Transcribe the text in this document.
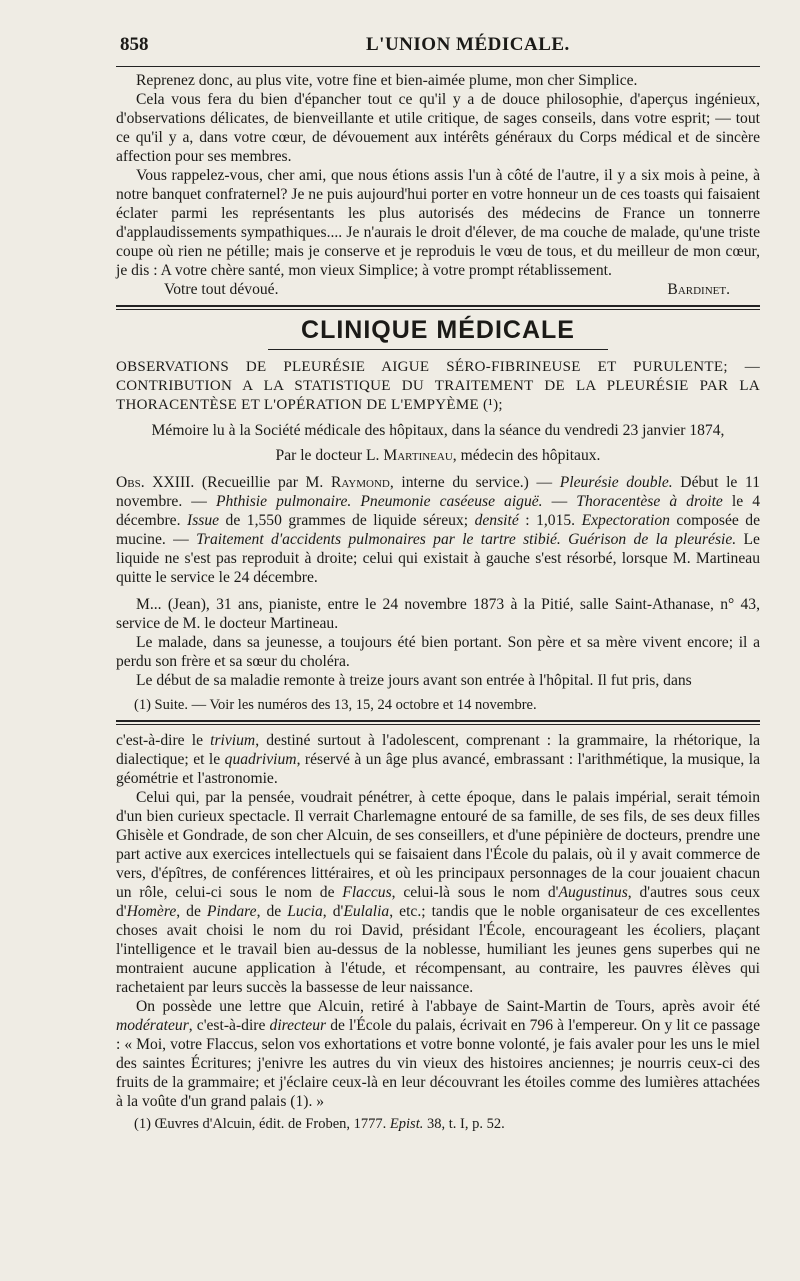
858	L'UNION MÉDICALE.

Reprenez donc, au plus vite, votre fine et bien-aimée plume, mon cher Simplice.

Cela vous fera du bien d'épancher tout ce qu'il y a de douce philosophie, d'aperçus ingénieux, d'observations délicates, de bienveillante et utile critique, de sages conseils, dans votre esprit; — tout ce qu'il y a, dans votre cœur, de dévouement aux intérêts généraux du Corps médical et de sincère affection pour ses membres.

Vous rappelez-vous, cher ami, que nous étions assis l'un à côté de l'autre, il y a six mois à peine, à notre banquet confraternel? Je ne puis aujourd'hui porter en votre honneur un de ces toasts qui faisaient éclater parmi les représentants les plus autorisés des médecins de France un tonnerre d'applaudissements sympathiques.... Je n'aurais le droit d'élever, de ma couche de malade, qu'une triste coupe où rien ne pétille; mais je conserve et je reproduis le vœu de tous, et du meilleur de mon cœur, je dis : A votre chère santé, mon vieux Simplice; à votre prompt rétablissement.

Votre tout dévoué.	Bardinet.
CLINIQUE MÉDICALE

OBSERVATIONS DE PLEURÉSIE AIGUE SÉRO-FIBRINEUSE ET PURULENTE; — CONTRIBUTION A LA STATISTIQUE DU TRAITEMENT DE LA PLEURÉSIE PAR LA THORACENTÈSE ET L'OPÉRATION DE L'EMPYÈME (¹);

Mémoire lu à la Société médicale des hôpitaux, dans la séance du vendredi 23 janvier 1874,

Par le docteur L. Martineau, médecin des hôpitaux.

Obs. XXIII. (Recueillie par M. Raymond, interne du service.) — Pleurésie double. Début le 11 novembre. — Phthisie pulmonaire. Pneumonie caséeuse aiguë. — Thoracentèse à droite le 4 décembre. Issue de 1,550 grammes de liquide séreux; densité : 1,015. Expectoration composée de mucine. — Traitement d'accidents pulmonaires par le tartre stibié. Guérison de la pleurésie. Le liquide ne s'est pas reproduit à droite; celui qui existait à gauche s'est résorbé, lorsque M. Martineau quitte le service le 24 décembre.

M... (Jean), 31 ans, pianiste, entre le 24 novembre 1873 à la Pitié, salle Saint-Athanase, n° 43, service de M. le docteur Martineau.

Le malade, dans sa jeunesse, a toujours été bien portant. Son père et sa mère vivent encore; il a perdu son frère et sa sœur du choléra.

Le début de sa maladie remonte à treize jours avant son entrée à l'hôpital. Il fut pris, dans

(1) Suite. — Voir les numéros des 13, 15, 24 octobre et 14 novembre.

c'est-à-dire le trivium, destiné surtout à l'adolescent, comprenant : la grammaire, la rhétorique, la dialectique; et le quadrivium, réservé à un âge plus avancé, embrassant : l'arithmétique, la musique, la géométrie et l'astronomie.

Celui qui, par la pensée, voudrait pénétrer, à cette époque, dans le palais impérial, serait témoin d'un bien curieux spectacle. Il verrait Charlemagne entouré de sa famille, de ses fils, de ses deux filles Ghisèle et Gondrade, de son cher Alcuin, de ses conseillers, et d'une pépinière de docteurs, prendre une part active aux exercices intellectuels qui se faisaient dans l'École du palais, où il y avait commerce de vers, d'épîtres, de conférences littéraires, et où les principaux personnages de la cour jouaient chacun un rôle, celui-ci sous le nom de Flaccus, celui-là sous le nom d'Augustinus, d'autres sous ceux d'Homère, de Pindare, de Lucia, d'Eulalia, etc.; tandis que le noble organisateur de ces excellentes choses avait choisi le nom du roi David, présidant l'École, encourageant les écoliers, plaçant l'intelligence et le travail bien au-dessus de la noblesse, humiliant les jeunes gens superbes qui ne montraient aucune application à l'étude, et récompensant, au contraire, les pauvres élèves qui rachetaient par leurs succès la bassesse de leur naissance.

On possède une lettre que Alcuin, retiré à l'abbaye de Saint-Martin de Tours, après avoir été modérateur, c'est-à-dire directeur de l'École du palais, écrivait en 796 à l'empereur. On y lit ce passage : « Moi, votre Flaccus, selon vos exhortations et votre bonne volonté, je fais avaler pour les uns le miel des saintes Écritures; j'enivre les autres du vin vieux des histoires anciennes; je nourris ceux-ci des fruits de la grammaire; et j'éclaire ceux-là en leur découvrant les étoiles comme des lumières attachées à la voûte d'un grand palais (1). »

(1) Œuvres d'Alcuin, édit. de Froben, 1777. Epist. 38, t. I, p. 52.
